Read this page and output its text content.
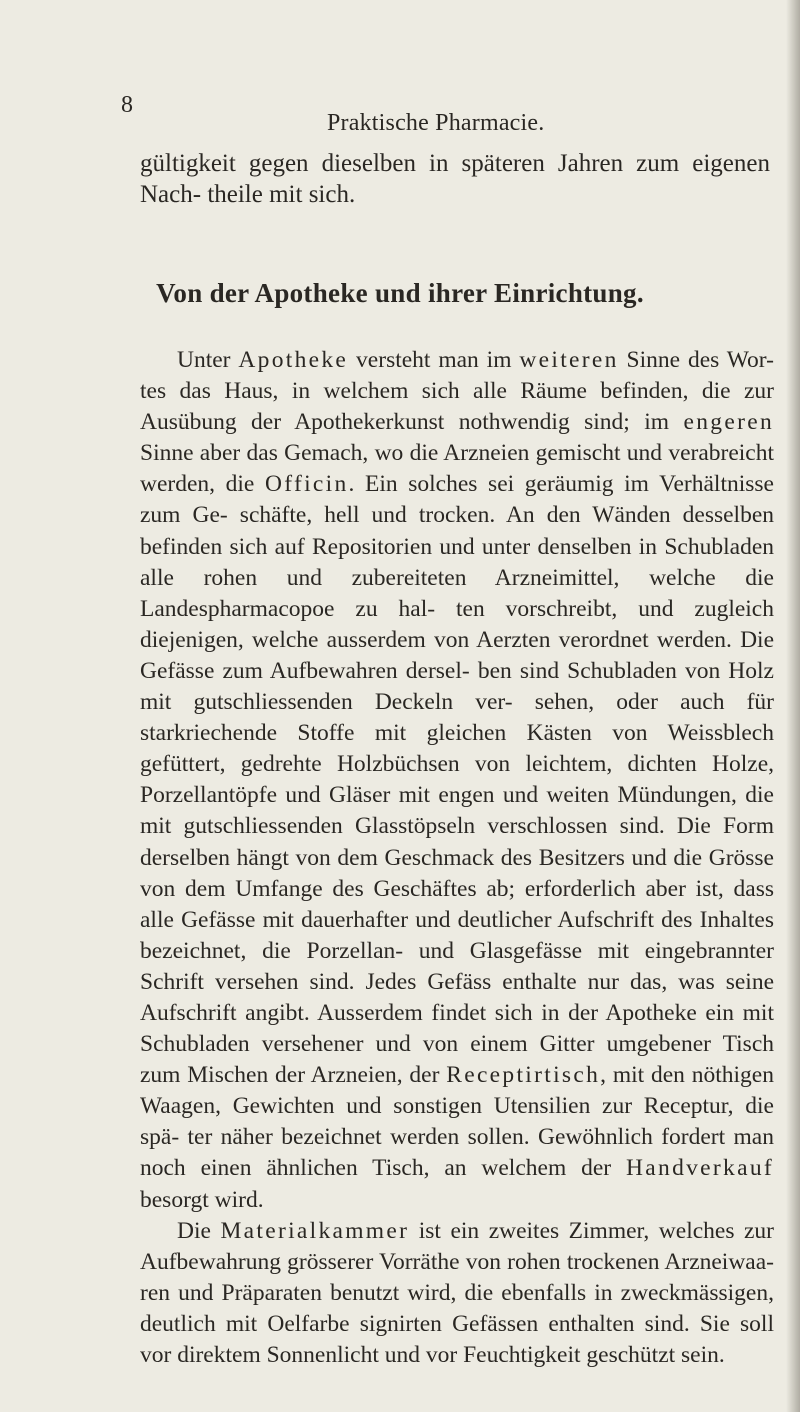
8
Praktische Pharmacie.
gültigkeit gegen dieselben in späteren Jahren zum eigenen Nach- theile mit sich.
Von der Apotheke und ihrer Einrichtung.

Unter Apotheke versteht man im weiteren Sinne des Wor- tes das Haus, in welchem sich alle Räume befinden, die zur Ausübung der Apothekerkunst nothwendig sind; im engeren Sinne aber das Gemach, wo die Arzneien gemischt und verabreicht werden, die Officin. Ein solches sei geräumig im Verhältnisse zum Ge- schäfte, hell und trocken. An den Wänden desselben befinden sich auf Repositorien und unter denselben in Schubladen alle rohen und zubereiteten Arzneimittel, welche die Landespharmacopoe zu hal- ten vorschreibt, und zugleich diejenigen, welche ausserdem von Aerzten verordnet werden. Die Gefässe zum Aufbewahren dersel- ben sind Schubladen von Holz mit gutschliessenden Deckeln ver- sehen, oder auch für starkriechende Stoffe mit gleichen Kästen von Weissblech gefüttert, gedrehte Holzbüchsen von leichtem, dichten Holze, Porzellantöpfe und Gläser mit engen und weiten Mündungen, die mit gutschliessenden Glasstöpseln verschlossen sind. Die Form derselben hängt von dem Geschmack des Besitzers und die Grösse von dem Umfange des Geschäftes ab; erforderlich aber ist, dass alle Gefässe mit dauerhafter und deutlicher Aufschrift des Inhaltes bezeichnet, die Porzellan- und Glasgefässe mit eingebrannter Schrift versehen sind. Jedes Gefäss enthalte nur das, was seine Aufschrift angibt. Ausserdem findet sich in der Apotheke ein mit Schubladen versehener und von einem Gitter umgebener Tisch zum Mischen der Arzneien, der Receptirtisch, mit den nöthigen Waagen, Gewichten und sonstigen Utensilien zur Receptur, die spä- ter näher bezeichnet werden sollen. Gewöhnlich fordert man noch einen ähnlichen Tisch, an welchem der Handverkauf besorgt wird.

Die Materialkammer ist ein zweites Zimmer, welches zur Aufbewahrung grösserer Vorräthe von rohen trockenen Arzneiwaa- ren und Präparaten benutzt wird, die ebenfalls in zweckmässigen, deutlich mit Oelfarbe signirten Gefässen enthalten sind. Sie soll vor direktem Sonnenlicht und vor Feuchtigkeit geschützt sein.
